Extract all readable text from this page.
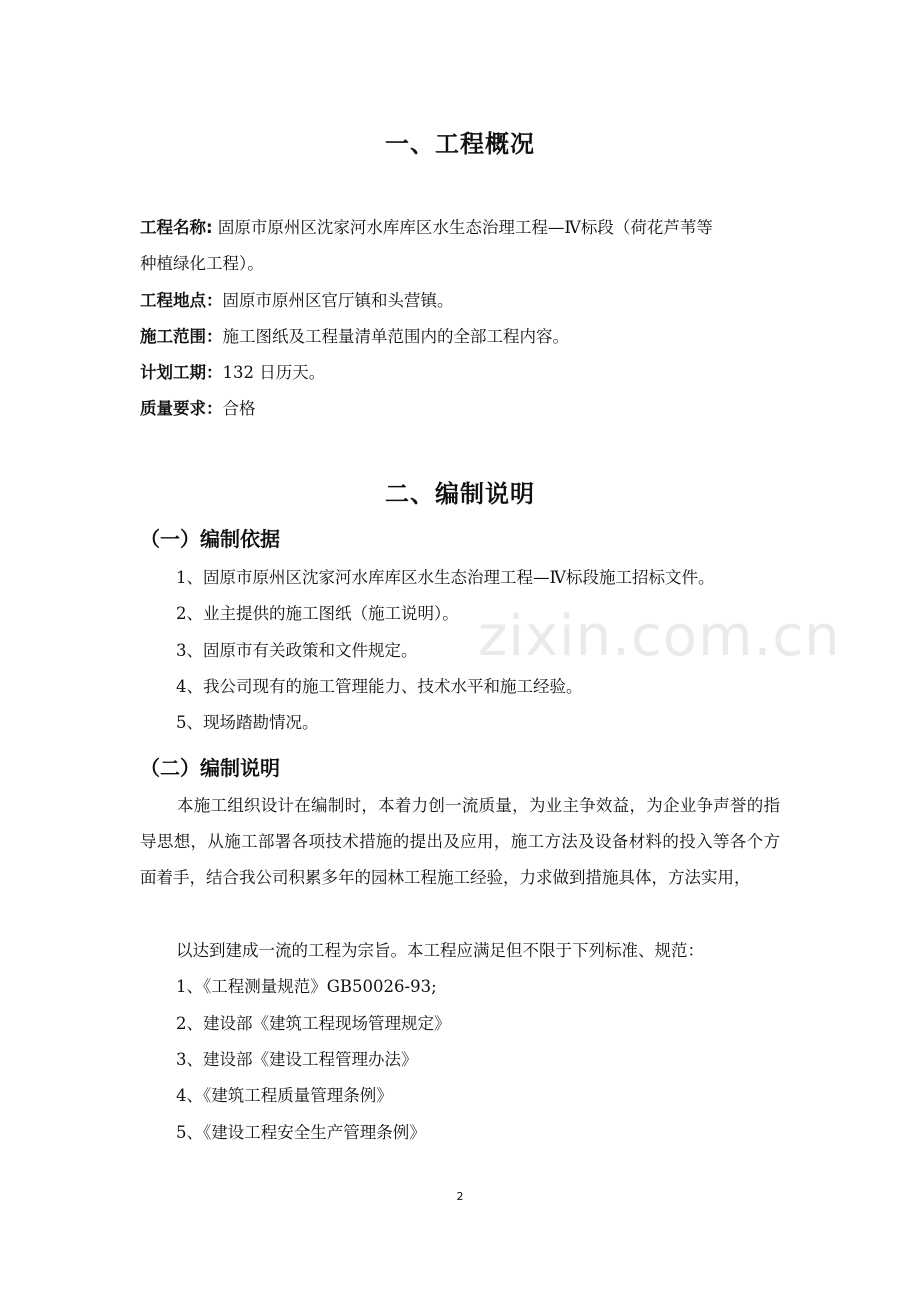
一、工程概况
工程名称: 固原市原州区沈家河水库库区水生态治理工程—Ⅳ标段（荷花芦苇等
种植绿化工程）。
工程地点：固原市原州区官厅镇和头营镇。
施工范围：施工图纸及工程量清单范围内的全部工程内容。
计划工期：132 日历天。
质量要求：合格
二、编制说明
（一）编制依据
1、固原市原州区沈家河水库库区水生态治理工程—Ⅳ标段施工招标文件。
2、业主提供的施工图纸（施工说明）。
3、固原市有关政策和文件规定。
4、我公司现有的施工管理能力、技术水平和施工经验。
5、现场踏勘情况。
（二）编制说明
本施工组织设计在编制时，本着力创一流质量，为业主争效益，为企业争声誉的指导思想，从施工部署各项技术措施的提出及应用，施工方法及设备材料的投入等各个方面着手，结合我公司积累多年的园林工程施工经验，力求做到措施具体，方法实用，
以达到建成一流的工程为宗旨。本工程应满足但不限于下列标准、规范：
1、《工程测量规范》GB50026-93;
2、建设部《建筑工程现场管理规定》
3、建设部《建设工程管理办法》
4、《建筑工程质量管理条例》
5、《建设工程安全生产管理条例》
zixin.com.cn
2
